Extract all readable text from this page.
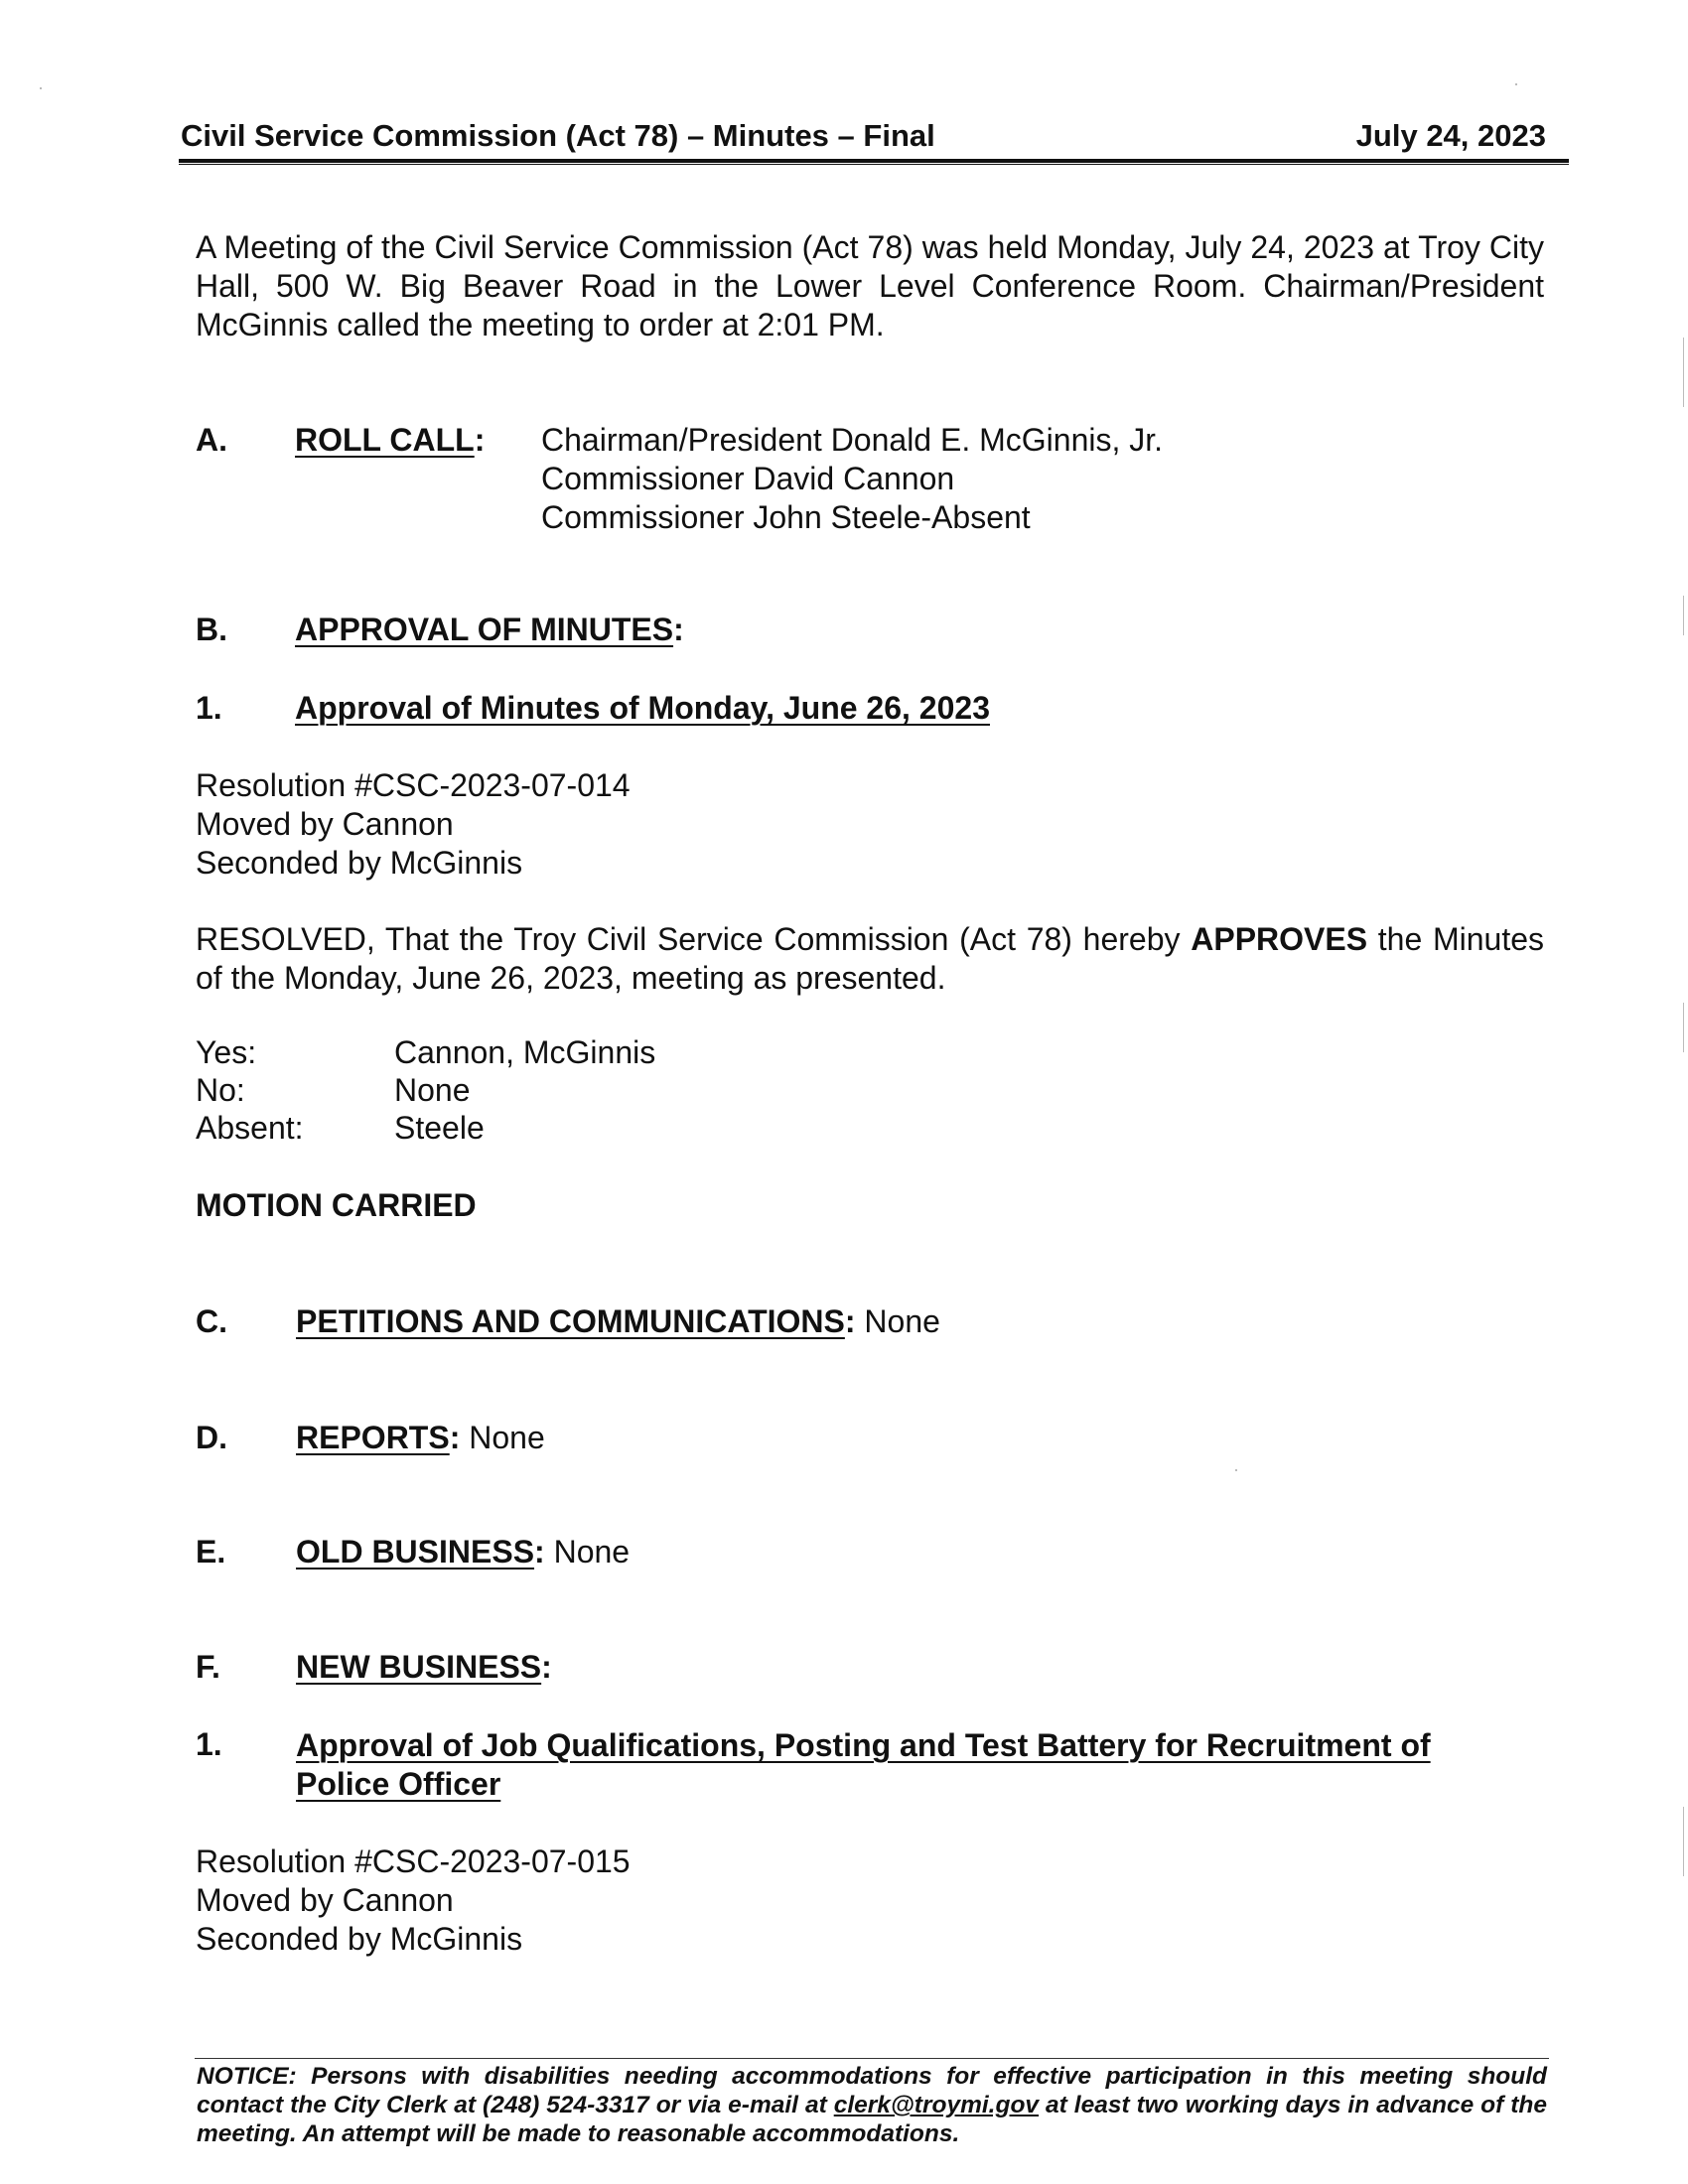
Civil Service Commission (Act 78) – Minutes – Final	July 24, 2023
A Meeting of the Civil Service Commission (Act 78) was held Monday, July 24, 2023 at Troy City Hall, 500 W. Big Beaver Road in the Lower Level Conference Room. Chairman/President McGinnis called the meeting to order at 2:01 PM.
A. ROLL CALL: Chairman/President Donald E. McGinnis, Jr.
Commissioner David Cannon
Commissioner John Steele-Absent
B. APPROVAL OF MINUTES:
1. Approval of Minutes of Monday, June 26, 2023
Resolution #CSC-2023-07-014
Moved by Cannon
Seconded by McGinnis
RESOLVED, That the Troy Civil Service Commission (Act 78) hereby APPROVES the Minutes of the Monday, June 26, 2023, meeting as presented.
Yes:	Cannon, McGinnis
No:	None
Absent:	Steele
MOTION CARRIED
C. PETITIONS AND COMMUNICATIONS: None
D. REPORTS: None
E. OLD BUSINESS: None
F. NEW BUSINESS:
1. Approval of Job Qualifications, Posting and Test Battery for Recruitment of
Police Officer
Resolution #CSC-2023-07-015
Moved by Cannon
Seconded by McGinnis
NOTICE: Persons with disabilities needing accommodations for effective participation in this meeting should contact the City Clerk at (248) 524-3317 or via e-mail at clerk@troymi.gov at least two working days in advance of the meeting. An attempt will be made to reasonable accommodations.
